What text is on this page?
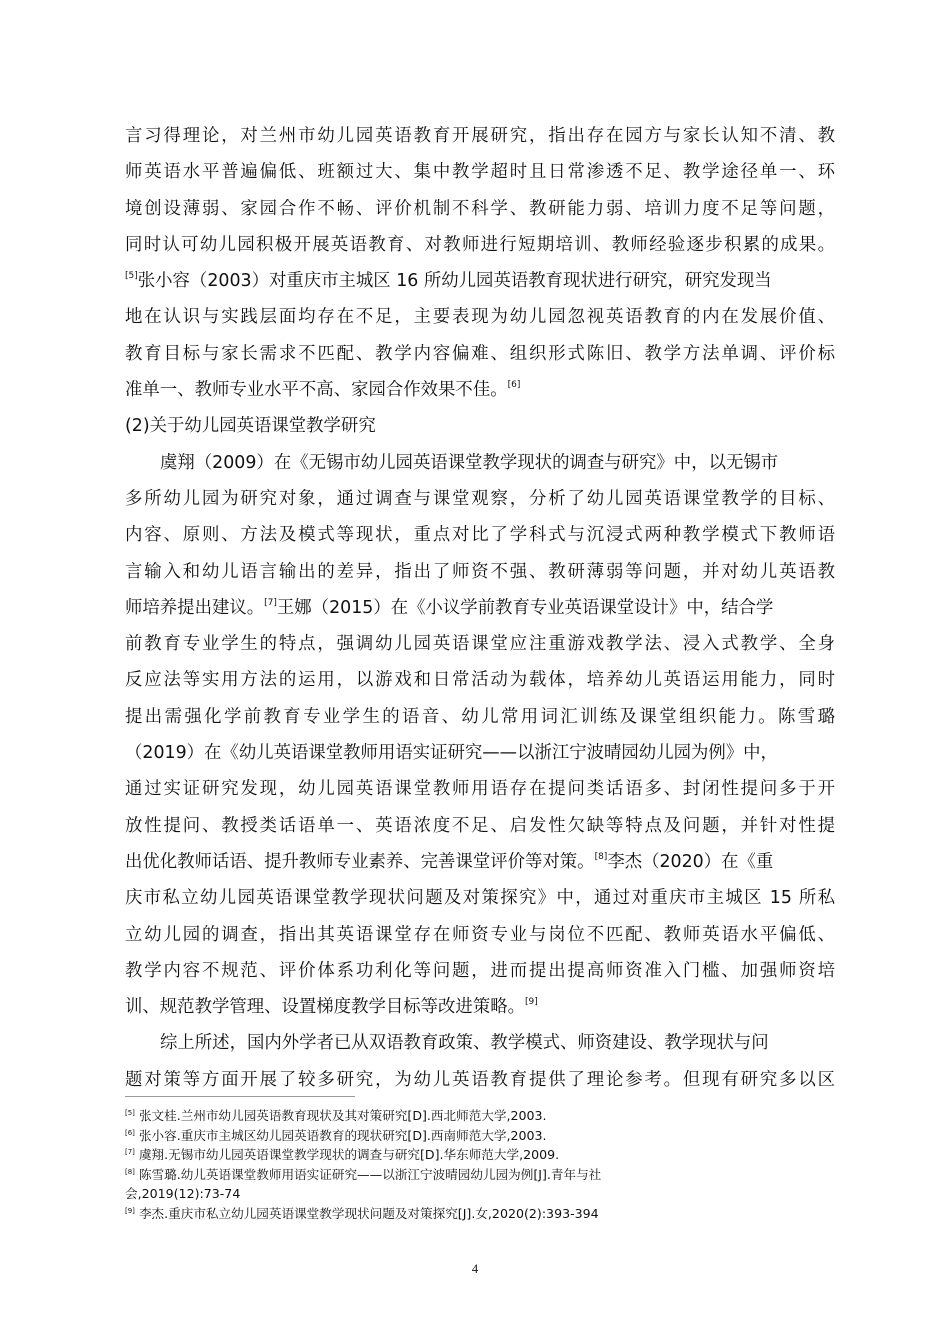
言习得理论，对兰州市幼儿园英语教育开展研究，指出存在园方与家长认知不清、教
师英语水平普遍偏低、班额过大、集中教学超时且日常渗透不足、教学途径单一、环
境创设薄弱、家园合作不畅、评价机制不科学、教研能力弱、培训力度不足等问题，
同时认可幼儿园积极开展英语教育、对教师进行短期培训、教师经验逐步积累的成果。
[5]张小容（2003）对重庆市主城区 16 所幼儿园英语教育现状进行研究，研究发现当
地在认识与实践层面均存在不足，主要表现为幼儿园忽视英语教育的内在发展价值、
教育目标与家长需求不匹配、教学内容偏难、组织形式陈旧、教学方法单调、评价标
准单一、教师专业水平不高、家园合作效果不佳。[6]
(2)关于幼儿园英语课堂教学研究
虞翔（2009）在《无锡市幼儿园英语课堂教学现状的调查与研究》中，以无锡市
多所幼儿园为研究对象，通过调查与课堂观察，分析了幼儿园英语课堂教学的目标、
内容、原则、方法及模式等现状，重点对比了学科式与沉浸式两种教学模式下教师语
言输入和幼儿语言输出的差异，指出了师资不强、教研薄弱等问题，并对幼儿英语教
师培养提出建议。[7]王娜（2015）在《小议学前教育专业英语课堂设计》中，结合学
前教育专业学生的特点，强调幼儿园英语课堂应注重游戏教学法、浸入式教学、全身
反应法等实用方法的运用，以游戏和日常活动为载体，培养幼儿英语运用能力，同时
提出需强化学前教育专业学生的语音、幼儿常用词汇训练及课堂组织能力。陈雪璐
（2019）在《幼儿英语课堂教师用语实证研究——以浙江宁波晴园幼儿园为例》中，
通过实证研究发现，幼儿园英语课堂教师用语存在提问类话语多、封闭性提问多于开
放性提问、教授类话语单一、英语浓度不足、启发性欠缺等特点及问题，并针对性提
出优化教师话语、提升教师专业素养、完善课堂评价等对策。[8]李杰（2020）在《重
庆市私立幼儿园英语课堂教学现状问题及对策探究》中，通过对重庆市主城区 15 所私
立幼儿园的调查，指出其英语课堂存在师资专业与岗位不匹配、教师英语水平偏低、
教学内容不规范、评价体系功利化等问题，进而提出提高师资准入门槛、加强师资培
训、规范教学管理、设置梯度教学目标等改进策略。[9]
综上所述，国内外学者已从双语教育政策、教学模式、师资建设、教学现状与问
题对策等方面开展了较多研究，为幼儿英语教育提供了理论参考。但现有研究多以区
[5] 张文桂.兰州市幼儿园英语教育现状及其对策研究[D].西北师范大学,2003.
[6] 张小容.重庆市主城区幼儿园英语教育的现状研究[D].西南师范大学,2003.
[7] 虞翔.无锡市幼儿园英语课堂教学现状的调查与研究[D].华东师范大学,2009.
[8] 陈雪璐.幼儿英语课堂教师用语实证研究——以浙江宁波晴园幼儿园为例[J].青年与社
会,2019(12):73-74
[9] 李杰.重庆市私立幼儿园英语课堂教学现状问题及对策探究[J].女,2020(2):393-394
4
